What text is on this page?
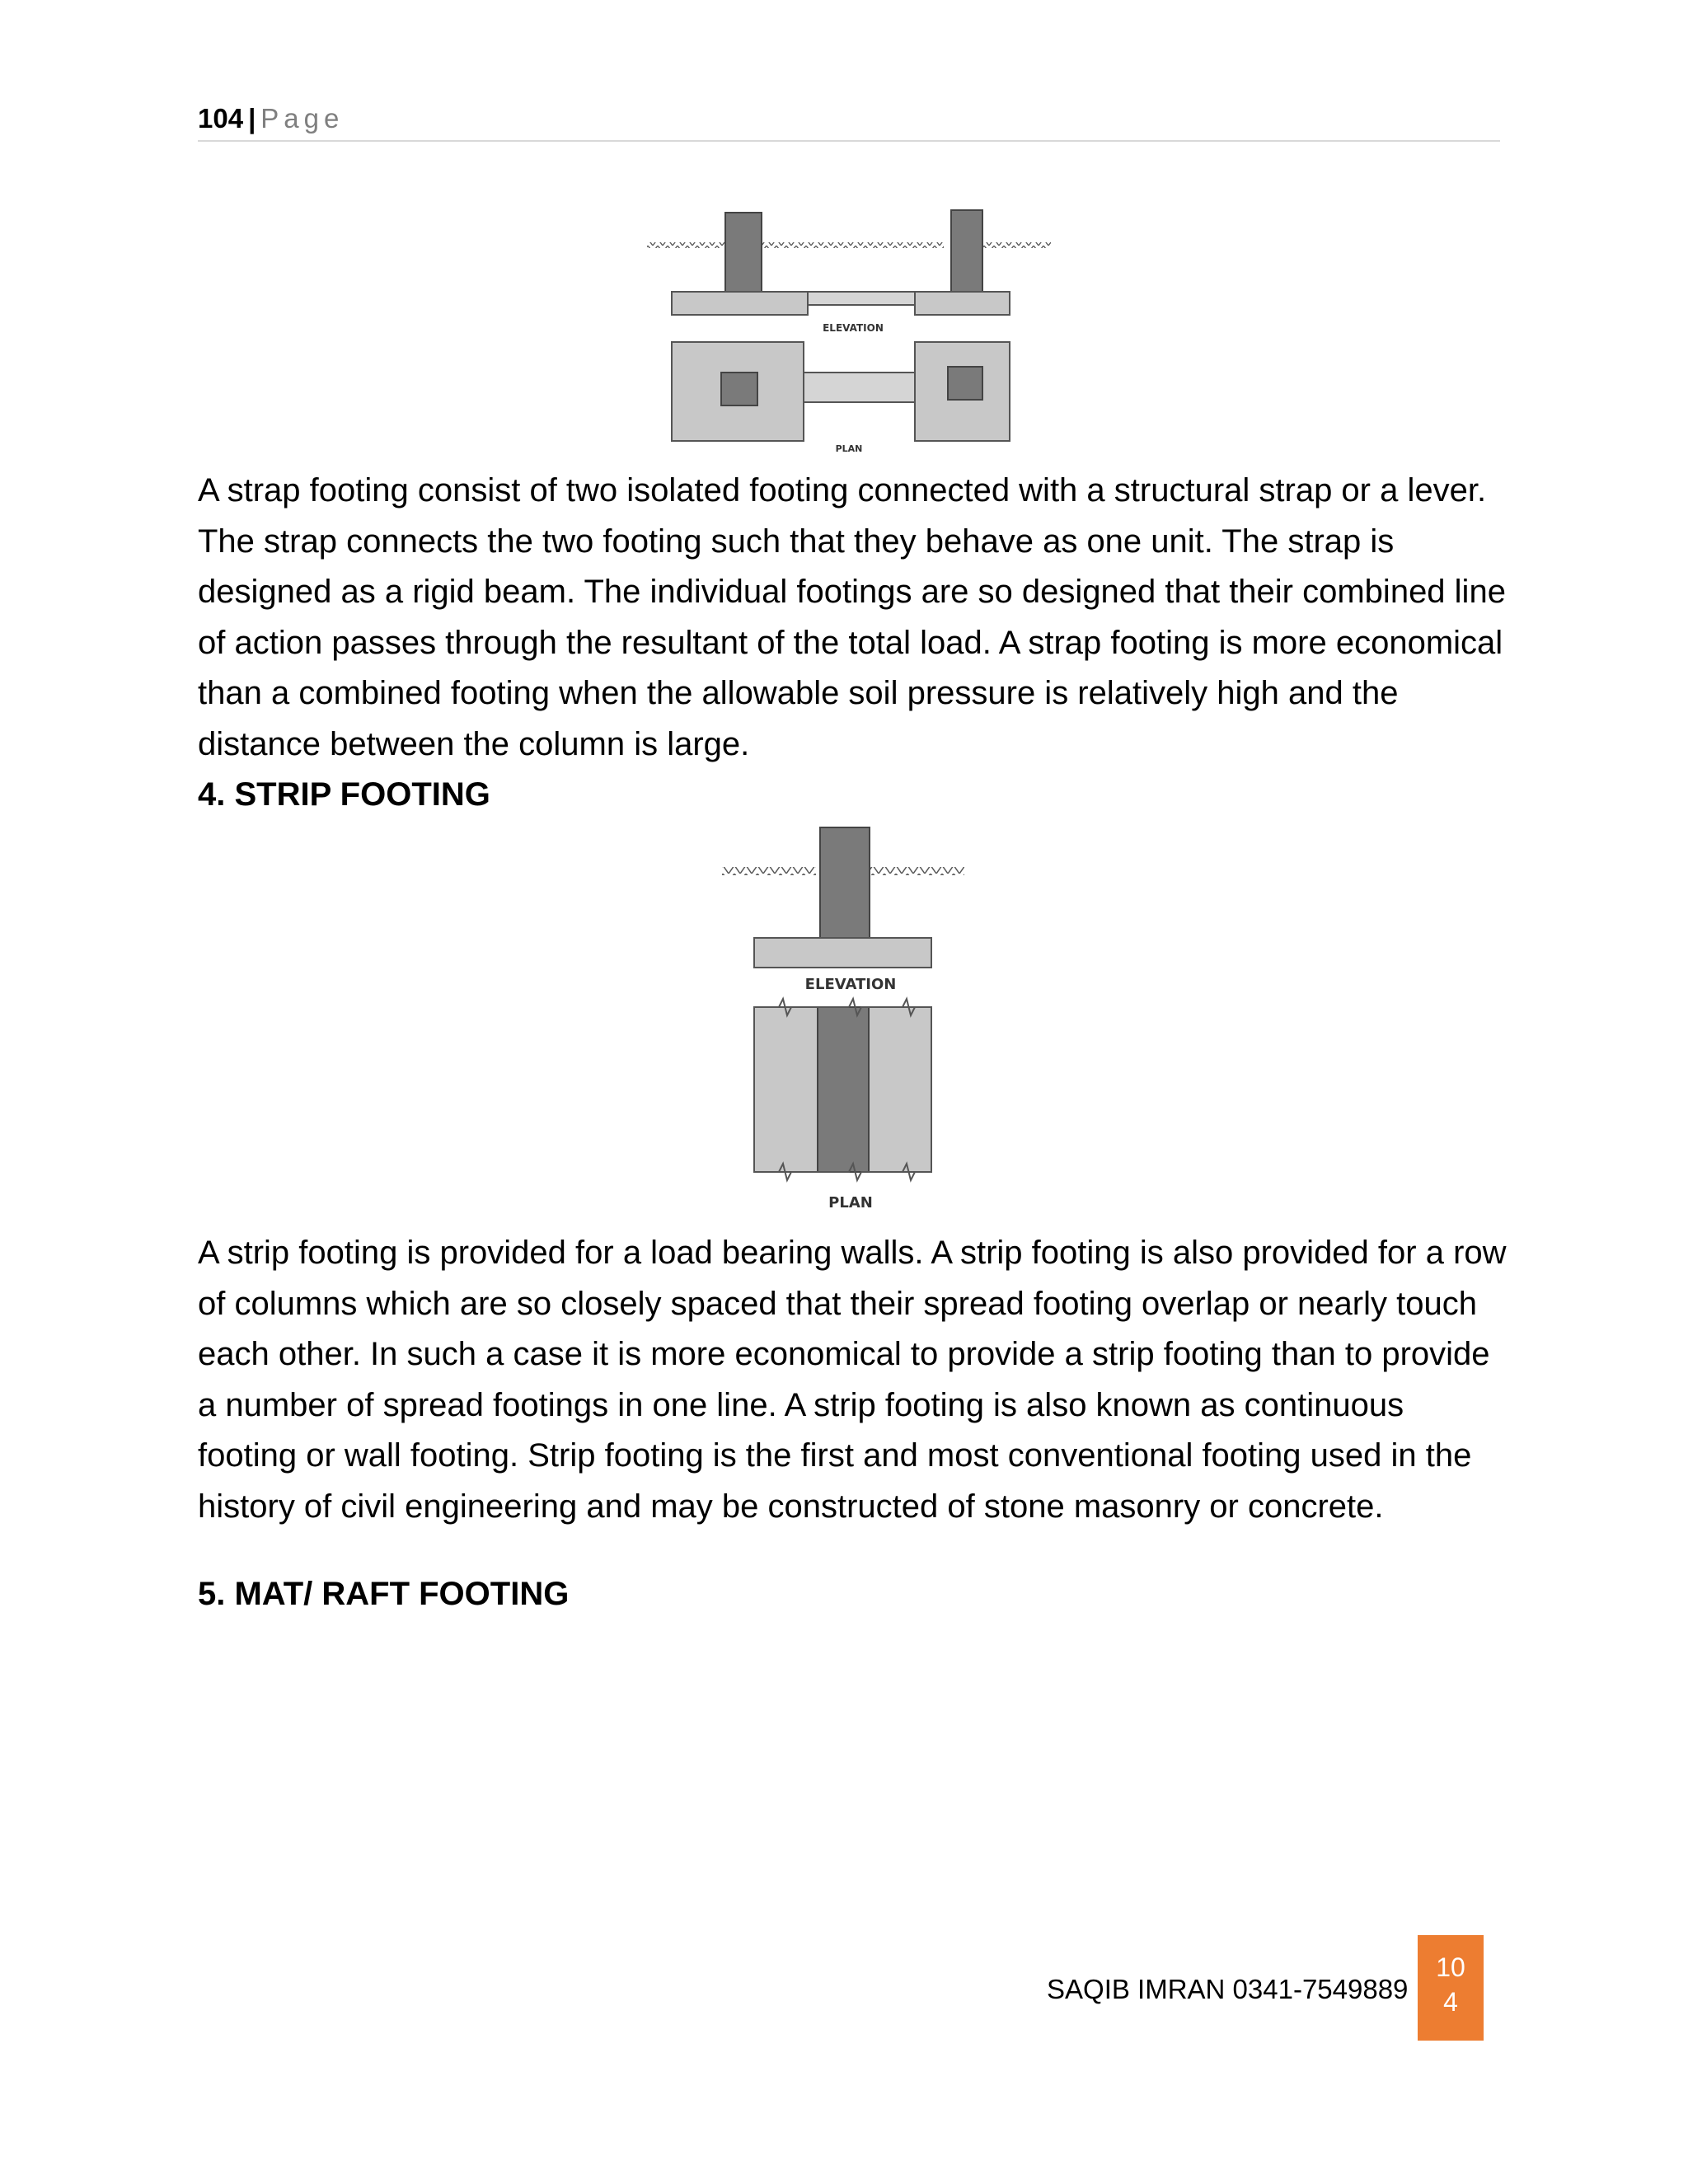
104 | Page
ELEVATION
PLAN

A strap footing consist of two isolated footing connected with a structural strap or a lever. The strap connects the two footing such that they behave as one unit. The strap is designed as a rigid beam. The individual footings are so designed that their combined line of action passes through the resultant of the total load. A strap footing is more economical than a combined footing when the allowable soil pressure is relatively high and the distance between the column is large.

4. STRIP FOOTING

ELEVATION
PLAN

A strip footing is provided for a load bearing walls. A strip footing is also provided for a row of columns which are so closely spaced that their spread footing overlap or nearly touch each other. In such a case it is more economical to provide a strip footing than to provide a number of spread footings in one line. A strip footing is also known as continuous footing or wall footing. Strip footing is the first and most conventional footing used in the history of civil engineering and may be constructed of stone masonry or concrete.

5. MAT/ RAFT FOOTING

SAQIB IMRAN 0341-7549889
10
4
